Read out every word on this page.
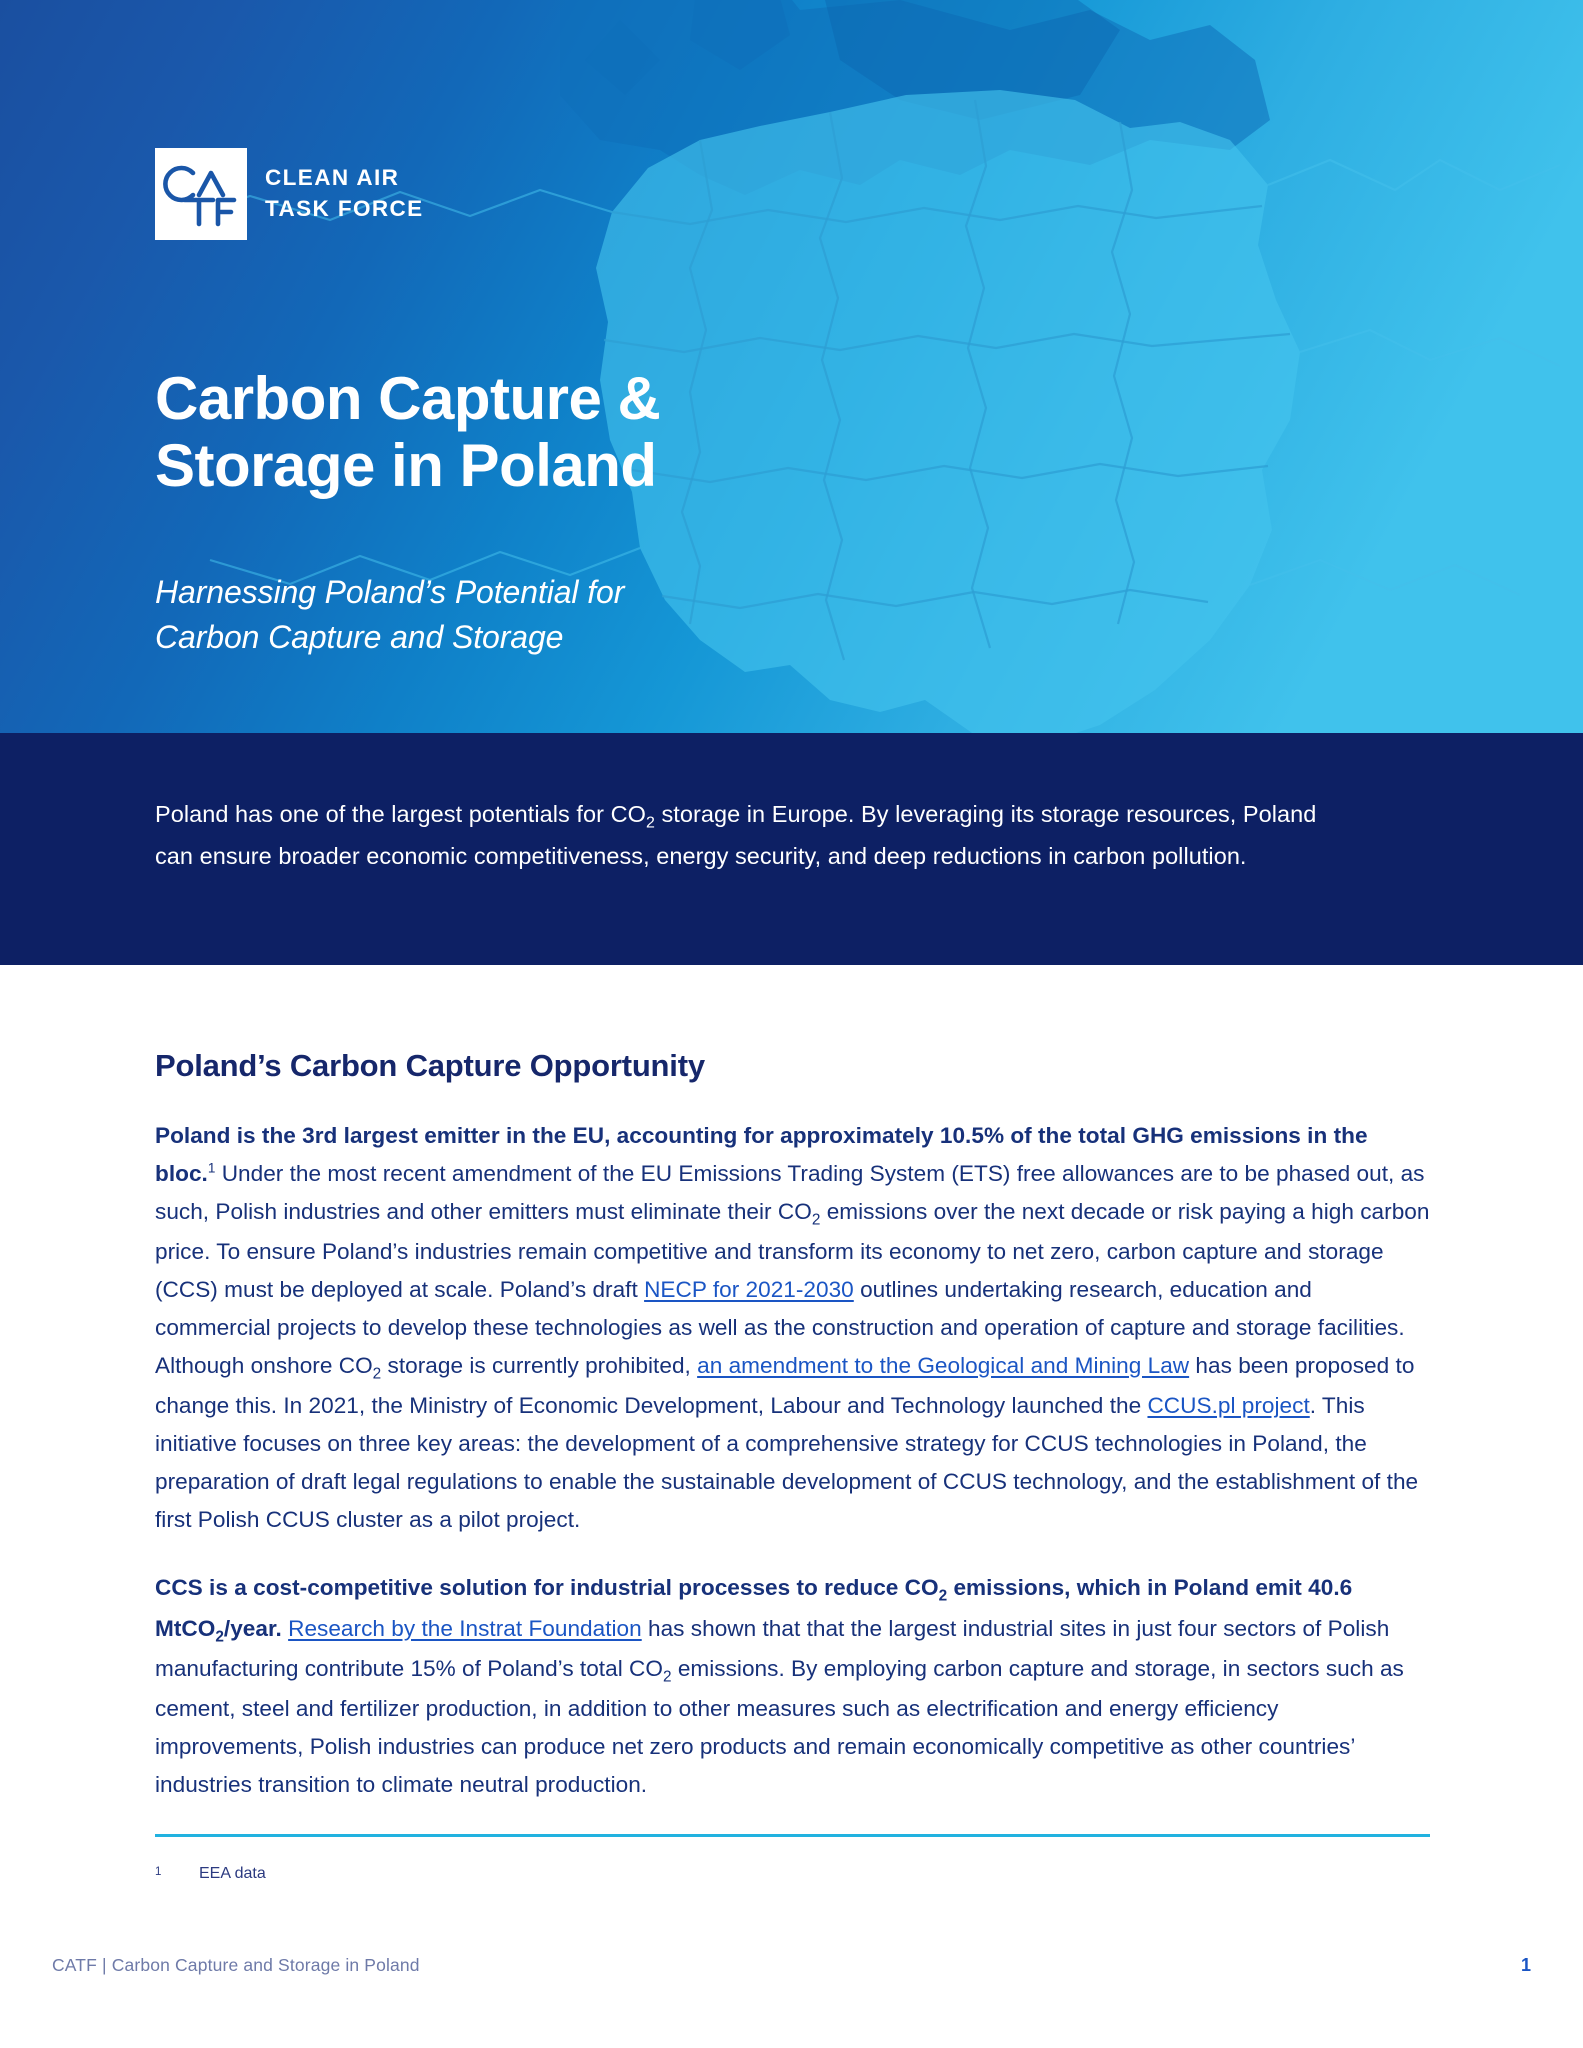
CLEAN AIR
TASK FORCE
Carbon Capture &
Storage in Poland
Harnessing Poland’s Potential for
Carbon Capture and Storage

Poland has one of the largest potentials for $CO_2$ storage in Europe. By leveraging its storage resources, Poland can ensure broader economic competitiveness, energy security, and deep reductions in carbon pollution.

Poland’s Carbon Capture Opportunity

Poland is the 3rd largest emitter in the EU, accounting for approximately 10.5% of the total GHG emissions in the bloc.$^1$ Under the most recent amendment of the EU Emissions Trading System (ETS) free allowances are to be phased out, as such, Polish industries and other emitters must eliminate their $CO_2$ emissions over the next decade or risk paying a high carbon price. To ensure Poland’s industries remain competitive and transform its economy to net zero, carbon capture and storage (CCS) must be deployed at scale. Poland’s draft NECP for 2021-2030 outlines undertaking research, education and commercial projects to develop these technologies as well as the construction and operation of capture and storage facilities. Although onshore $CO_2$ storage is currently prohibited, an amendment to the Geological and Mining Law has been proposed to change this. In 2021, the Ministry of Economic Development, Labour and Technology launched the CCUS.pl project. This initiative focuses on three key areas: the development of a comprehensive strategy for CCUS technologies in Poland, the preparation of draft legal regulations to enable the sustainable development of CCUS technology, and the establishment of the first Polish CCUS cluster as a pilot project.

CCS is a cost-competitive solution for industrial processes to reduce $CO_2$ emissions, which in Poland emit 40.6 MtCO$_2$/year. Research by the Instrat Foundation has shown that that the largest industrial sites in just four sectors of Polish manufacturing contribute 15% of Poland’s total $CO_2$ emissions. By employing carbon capture and storage, in sectors such as cement, steel and fertilizer production, in addition to other measures such as electrification and energy efficiency improvements, Polish industries can produce net zero products and remain economically competitive as other countries’ industries transition to climate neutral production.

1	EEA data
CATF | Carbon Capture and Storage in Poland	1
